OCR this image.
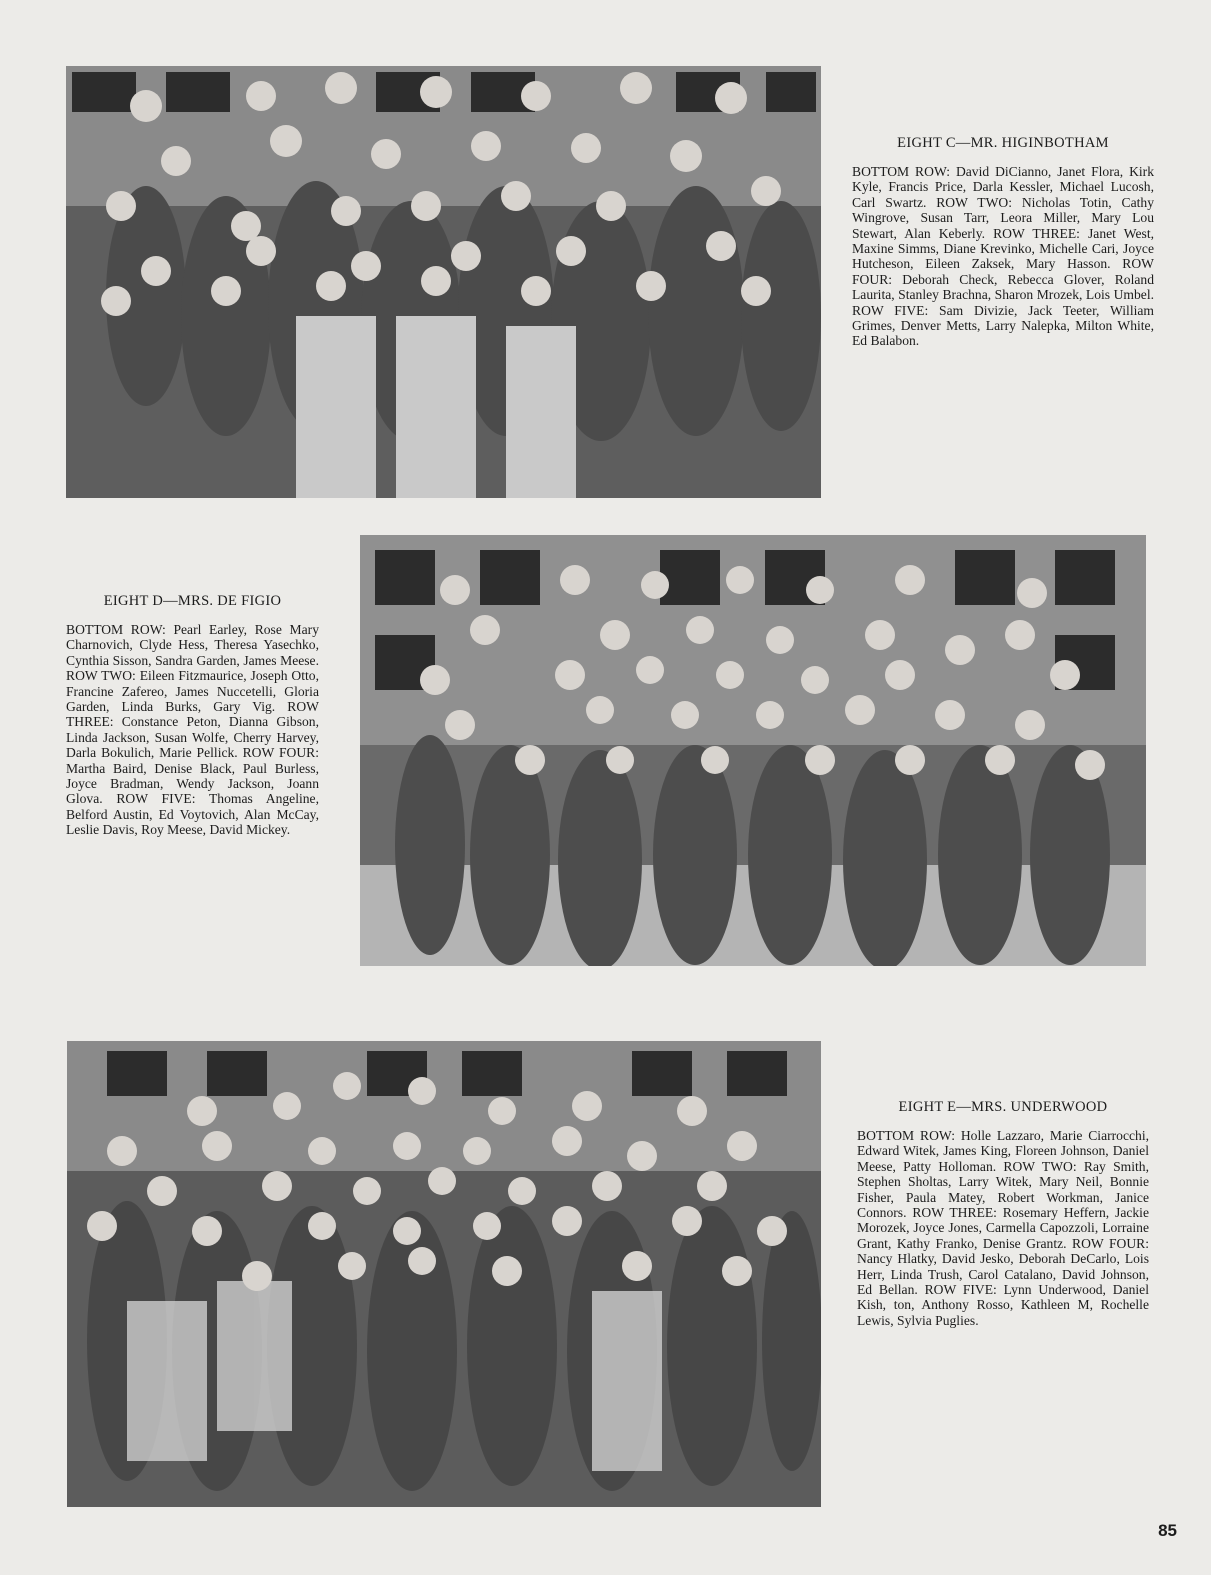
EIGHT C—MR. HIGINBOTHAM

BOTTOM ROW: David DiCianno, Janet Flora, Kirk Kyle, Francis Price, Darla Kessler, Michael Lucosh, Carl Swartz. ROW TWO: Nicholas Totin, Cathy Wingrove, Susan Tarr, Leora Miller, Mary Lou Stewart, Alan Keberly. ROW THREE: Janet West, Maxine Simms, Diane Krevinko, Michelle Cari, Joyce Hutcheson, Eileen Zaksek, Mary Hasson. ROW FOUR: Deborah Check, Rebecca Glover, Roland Laurita, Stanley Brachna, Sharon Mrozek, Lois Umbel. ROW FIVE: Sam Divizie, Jack Teeter, William Grimes, Denver Metts, Larry Nalepka, Milton White, Ed Balabon.

EIGHT D—MRS. DE FIGIO

BOTTOM ROW: Pearl Earley, Rose Mary Charnovich, Clyde Hess, Theresa Yasechko, Cynthia Sisson, Sandra Garden, James Meese. ROW TWO: Eileen Fitzmaurice, Joseph Otto, Francine Zafereo, James Nuccetelli, Gloria Garden, Linda Burks, Gary Vig. ROW THREE: Constance Peton, Dianna Gibson, Linda Jackson, Susan Wolfe, Cherry Harvey, Darla Bokulich, Marie Pellick. ROW FOUR: Martha Baird, Denise Black, Paul Burless, Joyce Bradman, Wendy Jackson, Joann Glova. ROW FIVE: Thomas Angeline, Belford Austin, Ed Voytovich, Alan McCay, Leslie Davis, Roy Meese, David Mickey.

EIGHT E—MRS. UNDERWOOD

BOTTOM ROW: Holle Lazzaro, Marie Ciarrocchi, Edward Witek, James King, Floreen Johnson, Daniel Meese, Patty Holloman. ROW TWO: Ray Smith, Stephen Sholtas, Larry Witek, Mary Neil, Bonnie Fisher, Paula Matey, Robert Workman, Janice Connors. ROW THREE: Rosemary Heffern, Jackie Morozek, Joyce Jones, Carmella Capozzoli, Lorraine Grant, Kathy Franko, Denise Grantz. ROW FOUR: Nancy Hlatky, David Jesko, Deborah DeCarlo, Lois Herr, Linda Trush, Carol Catalano, David Johnson, Ed Bellan. ROW FIVE: Lynn Underwood, Daniel Kish, ton, Anthony Rosso, Kathleen M, Rochelle Lewis, Sylvia Puglies.

85
